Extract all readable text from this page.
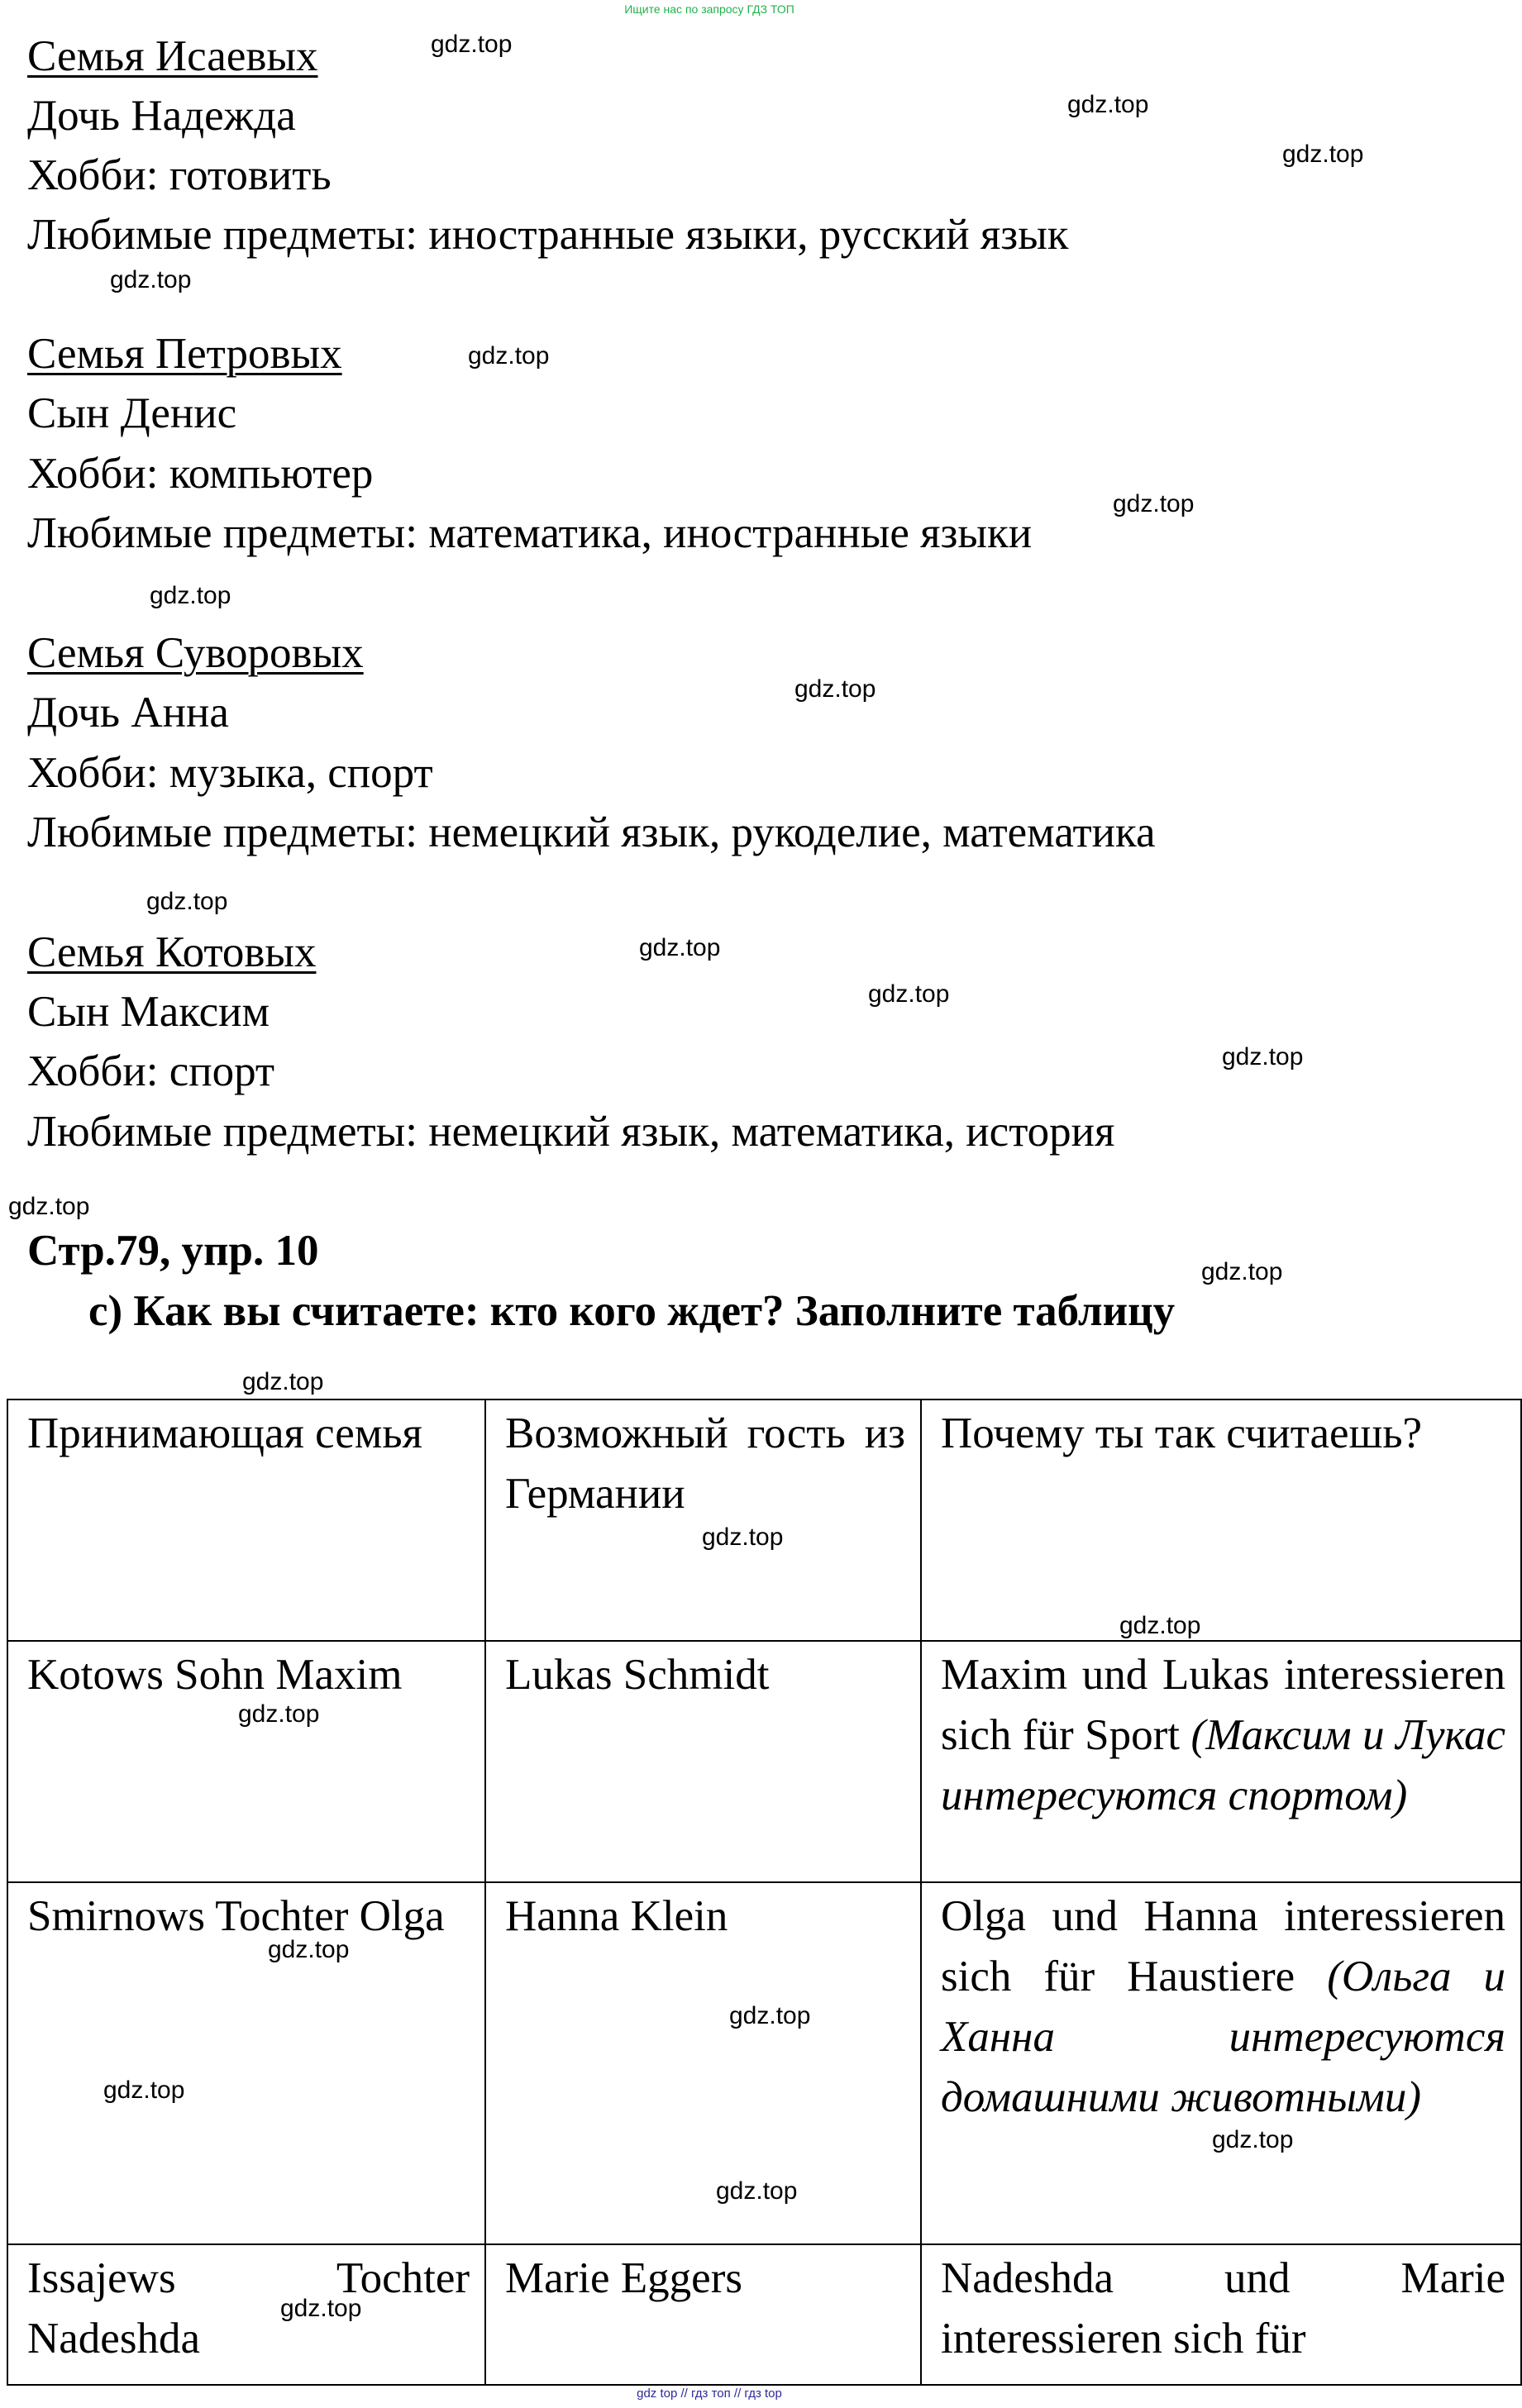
Ищите нас по запросу ГДЗ ТОП
Семья Исаевых
Дочь Надежда
Хобби: готовить
Любимые предметы: иностранные языки, русский язык
Семья Петровых
Сын Денис
Хобби: компьютер
Любимые предметы: математика, иностранные языки
Семья Суворовых
Дочь Анна
Хобби: музыка, спорт
Любимые предметы: немецкий язык, рукоделие, математика
Семья Котовых
Сын Максим
Хобби: спорт
Любимые предметы: немецкий язык, математика, история
Стр.79, упр. 10
c) Как вы считаете: кто кого ждет? Заполните таблицу
Принимающая семья	Возможный гость из Германии	Почему ты так считаешь?
Kotows Sohn Maxim	Lukas Schmidt	Maxim und Lukas interessieren sich für Sport (Максим и Лукас интересуются спортом)
Smirnows Tochter Olga	Hanna Klein	Olga und Hanna interessieren sich für Haustiere (Ольга и Ханна интересуются домашними животными)
Issajews Tochter Nadeshda	Marie Eggers	Nadeshda und Marie interessieren sich für
gdz.top
gdz.top
gdz.top
gdz.top
gdz.top
gdz.top
gdz.top
gdz.top
gdz.top
gdz.top
gdz.top
gdz.top
gdz.top
gdz.top
gdz.top
gdz.top
gdz.top
gdz.top
gdz.top
gdz.top
gdz.top
gdz.top
gdz.top
gdz.top
gdz top // гдз топ // гдз top
